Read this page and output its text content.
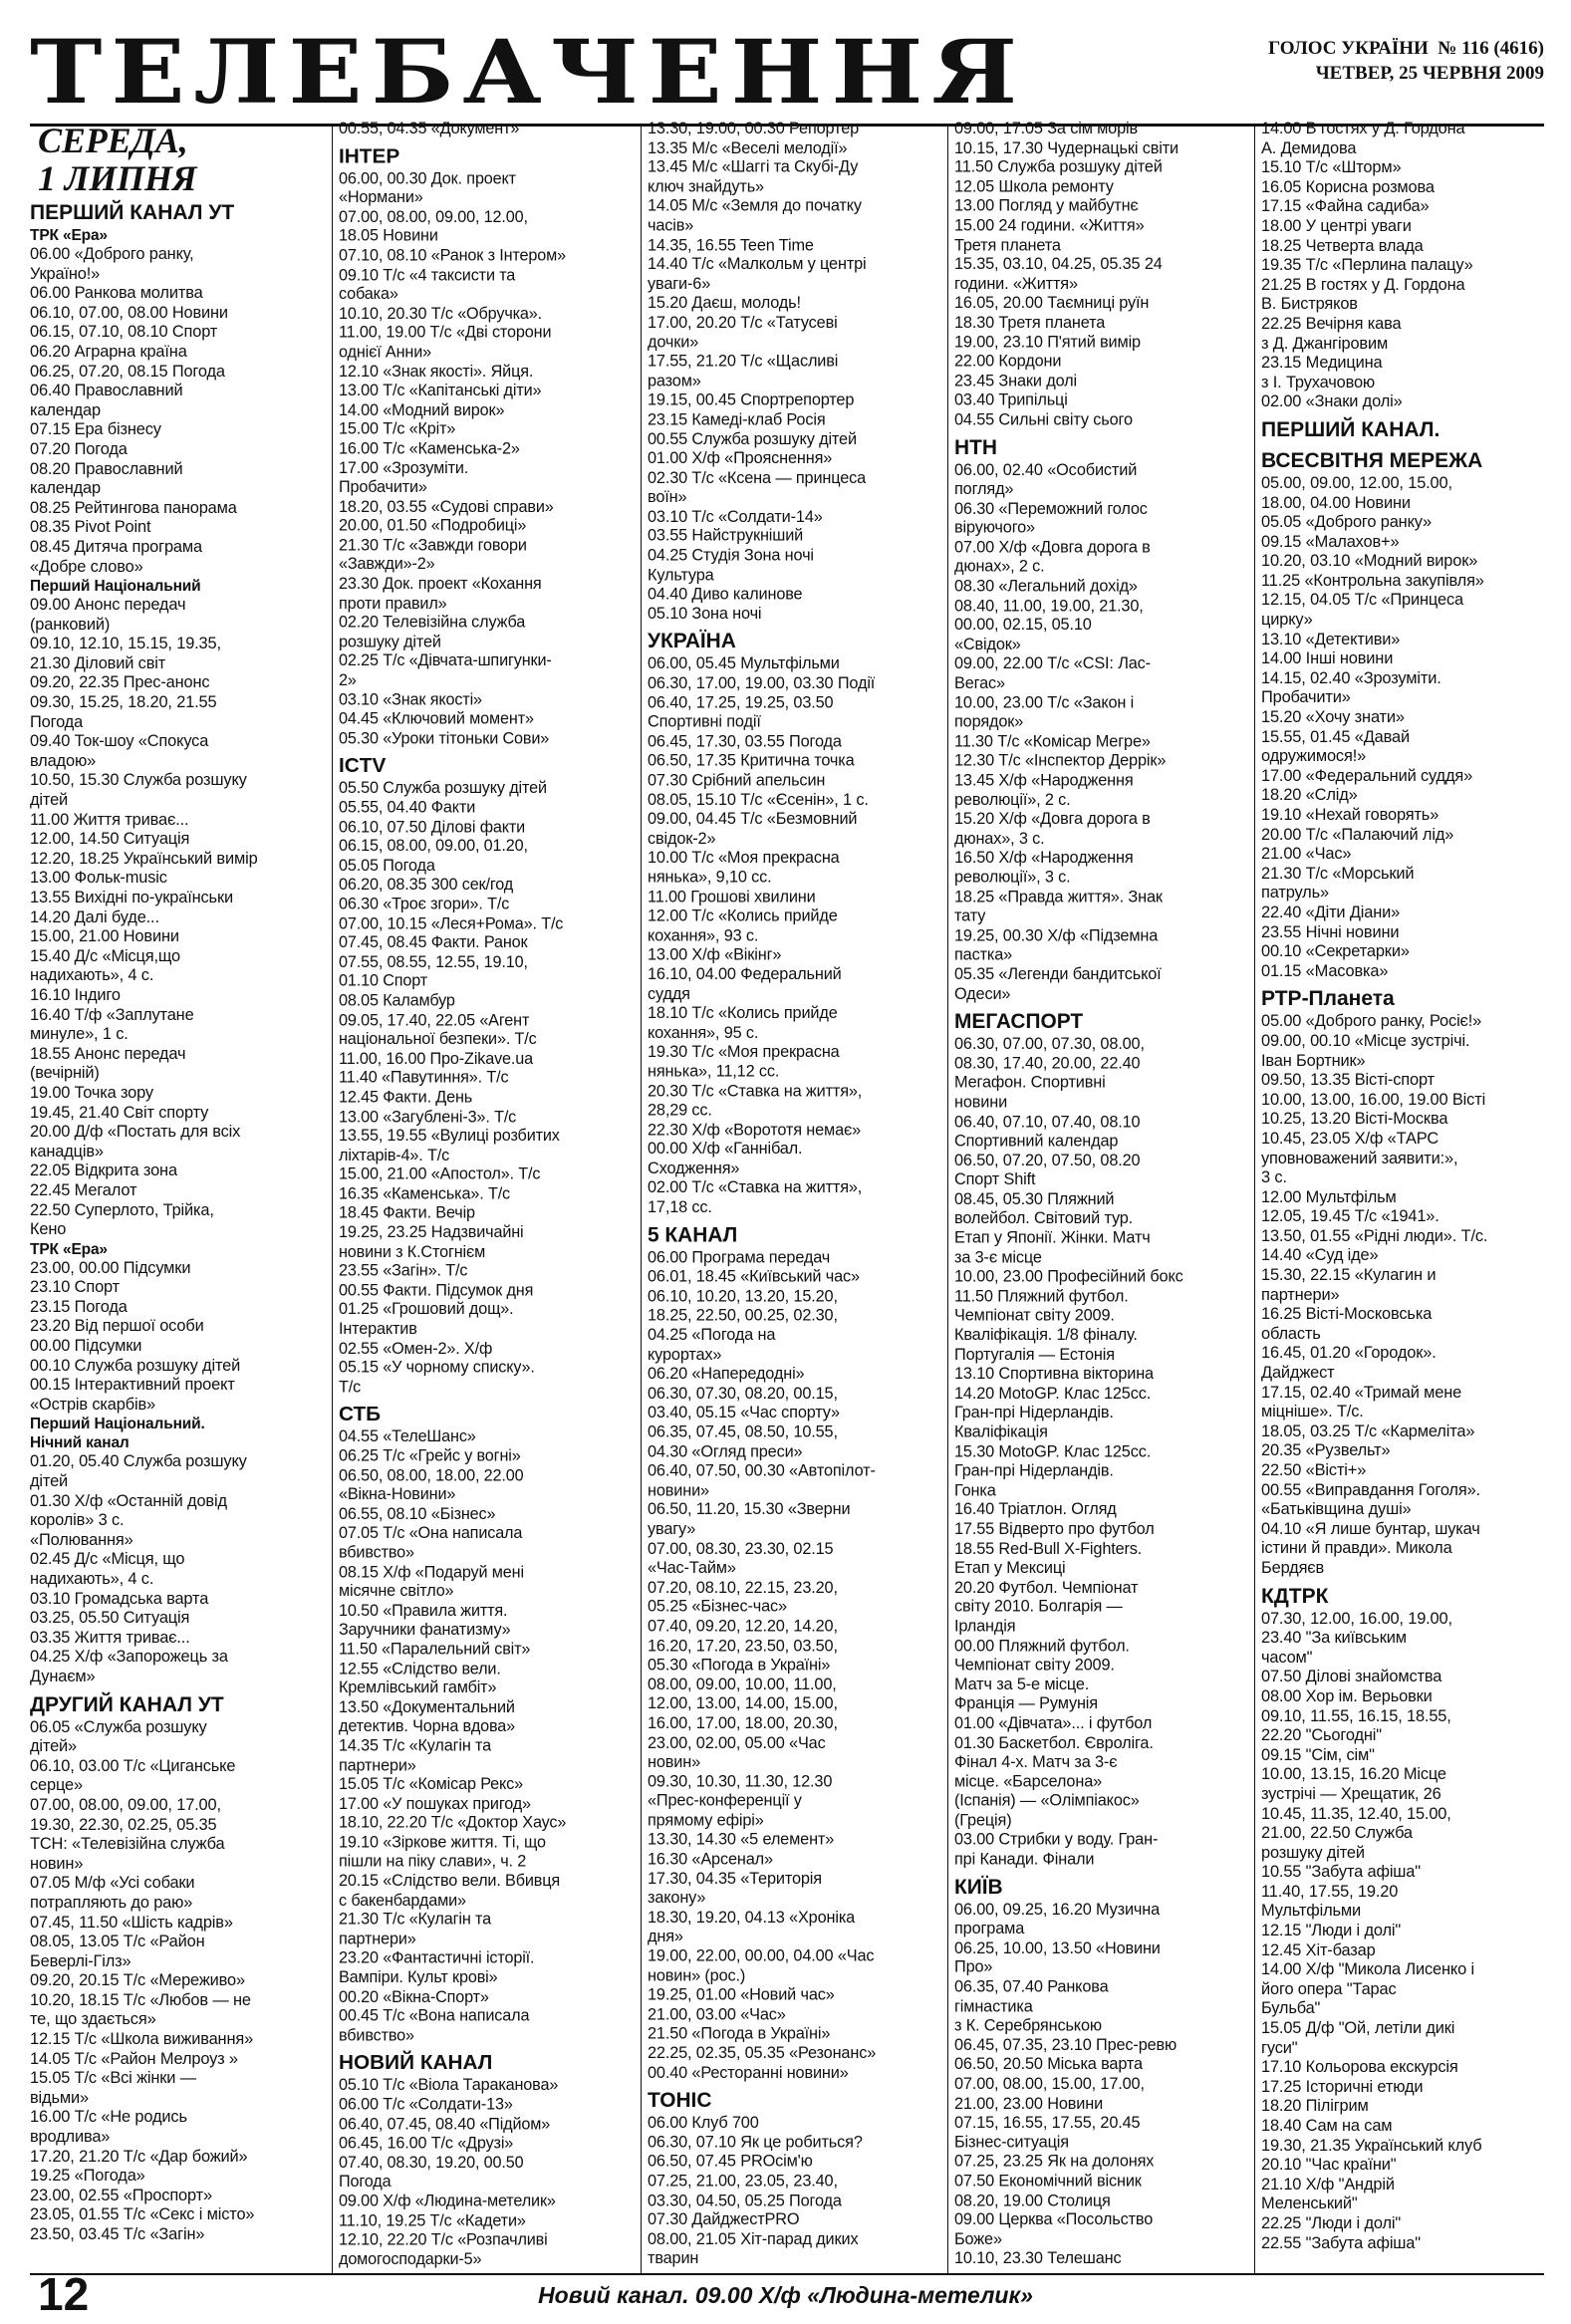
ТЕЛЕБАЧЕННЯ	ГОЛОС УКРАЇНИ № 116 (4616)
ЧЕТВЕР, 25 ЧЕРВНЯ 2009
СЕРЕДА,
1 ЛИПНЯ
ПЕРШИЙ КАНАЛ УТ
ТРК «Ера»
06.00 «Доброго ранку,
Україно!»
06.00 Ранкова молитва
06.10, 07.00, 08.00 Новини
06.15, 07.10, 08.10 Спорт
06.20 Аграрна країна
06.25, 07.20, 08.15 Погода
06.40 Православний
календар
07.15 Ера бізнесу
07.20 Погода
08.20 Православний
календар
08.25 Рейтингова панорама
08.35 Pivot Point
08.45 Дитяча програма
«Добре слово»
Перший Національний
09.00 Анонс передач
(ранковий)
09.10, 12.10, 15.15, 19.35,
21.30 Діловий світ
09.20, 22.35 Прес-анонс
09.30, 15.25, 18.20, 21.55
Погода
09.40 Ток-шоу «Спокуса
владою»
10.50, 15.30 Служба розшуку
дітей
11.00 Життя триває...
12.00, 14.50 Ситуація
12.20, 18.25 Український вимір
13.00 Фольк-music
13.55 Вихідні по-українськи
14.20 Далі буде...
15.00, 21.00 Новини
15.40 Д/с «Місця,що
надихають», 4 с.
16.10 Індиго
16.40 Т/ф «Заплутане
минуле», 1 с.
18.55 Анонс передач
(вечірній)
19.00 Точка зору
19.45, 21.40 Світ спорту
20.00 Д/ф «Постать для всіх
канадців»
22.05 Відкрита зона
22.45 Мегалот
22.50 Суперлото, Трійка,
Кено
ТРК «Ера»
23.00, 00.00 Підсумки
23.10 Спорт
23.15 Погода
23.20 Від першої особи
00.00 Підсумки
00.10 Служба розшуку дітей
00.15 Інтерактивний проект
«Острів скарбів»
Перший Національний.
Нічний канал
01.20, 05.40 Служба розшуку
дітей
01.30 Х/ф «Останній довід
королів» 3 с.
«Полювання»
02.45 Д/с «Місця, що
надихають», 4 с.
03.10 Громадська варта
03.25, 05.50 Ситуація
03.35 Життя триває...
04.25 Х/ф «Запорожець за
Дунаєм»
ДРУГИЙ КАНАЛ УТ
06.05 «Служба розшуку
дітей»
06.10, 03.00 Т/с «Циганське
серце»
07.00, 08.00, 09.00, 17.00,
19.30, 22.30, 02.25, 05.35
ТСН: «Телевізійна служба
новин»
07.05 М/ф «Усі собаки
потрапляють до раю»
07.45, 11.50 «Шість кадрів»
08.05, 13.05 Т/с «Район
Беверлі-Гілз»
09.20, 20.15 Т/с «Мереживо»
10.20, 18.15 Т/с «Любов — не
те, що здається»
12.15 Т/с «Школа виживання»
14.05 Т/с «Район Мелроуз »
15.05 Т/с «Всі жінки —
відьми»
16.00 Т/с «Не родись
вродлива»
17.20, 21.20 Т/с «Дар божий»
19.25 «Погода»
23.00, 02.55 «Проспорт»
23.05, 01.55 Т/с «Секс і місто»
23.50, 03.45 Т/с «Загін»
00.55, 04.35 «Документ»
ІНТЕР
06.00, 00.30 Док. проект
«Нормани»
07.00, 08.00, 09.00, 12.00,
18.05 Новини
07.10, 08.10 «Ранок з Інтером»
09.10 Т/с «4 таксисти та
собака»
10.10, 20.30 Т/с «Обручка».
11.00, 19.00 Т/с «Дві сторони
однієї Анни»
12.10 «Знак якості». Яйця.
13.00 Т/с «Капітанські діти»
14.00 «Модний вирок»
15.00 Т/с «Кріт»
16.00 Т/с «Каменська-2»
17.00 «Зрозуміти.
Пробачити»
18.20, 03.55 «Судові справи»
20.00, 01.50 «Подробиці»
21.30 Т/с «Завжди говори
«Завжди»-2»
23.30 Док. проект «Кохання
проти правил»
02.20 Телевізійна служба
розшуку дітей
02.25 Т/с «Дівчата-шпигунки-
2»
03.10 «Знак якості»
04.45 «Ключовий момент»
05.30 «Уроки тітоньки Сови»
ICTV
05.50 Служба розшуку дітей
05.55, 04.40 Факти
06.10, 07.50 Ділові факти
06.15, 08.00, 09.00, 01.20,
05.05 Погода
06.20, 08.35 300 сек/год
06.30 «Троє згори». Т/с
07.00, 10.15 «Леся+Рома». Т/с
07.45, 08.45 Факти. Ранок
07.55, 08.55, 12.55, 19.10,
01.10 Спорт
08.05 Каламбур
09.05, 17.40, 22.05 «Агент
національної безпеки». Т/с
11.00, 16.00 Про-Zikave.ua
11.40 «Павутиння». Т/с
12.45 Факти. День
13.00 «Загублені-3». Т/с
13.55, 19.55 «Вулиці розбитих
ліхтарів-4». Т/с
15.00, 21.00 «Апостол». Т/с
16.35 «Каменська». Т/с
18.45 Факти. Вечір
19.25, 23.25 Надзвичайні
новини з К.Стогнієм
23.55 «Загін». Т/с
00.55 Факти. Підсумок дня
01.25 «Грошовий дощ».
Інтерактив
02.55 «Омен-2». Х/ф
05.15 «У чорному списку».
Т/с
СТБ
04.55 «ТелеШанс»
06.25 Т/с «Грейс у вогні»
06.50, 08.00, 18.00, 22.00
«Вікна-Новини»
06.55, 08.10 «Бізнес»
07.05 Т/с «Она написала
вбивство»
08.15 Х/ф «Подаруй мені
місячне світло»
10.50 «Правила життя.
Заручники фанатизму»
11.50 «Паралельний світ»
12.55 «Слідство вели.
Кремлівський гамбіт»
13.50 «Документальний
детектив. Чорна вдова»
14.35 Т/с «Кулагін та
партнери»
15.05 Т/с «Комісар Рекс»
17.00 «У пошуках пригод»
18.10, 22.20 Т/с «Доктор Хаус»
19.10 «Зіркове життя. Ті, що
пішли на піку слави», ч. 2
20.15 «Слідство вели. Вбивця
с бакенбардами»
21.30 Т/с «Кулагін та
партнери»
23.20 «Фантастичні історії.
Вампіри. Культ крові»
00.20 «Вікна-Спорт»
00.45 Т/с «Вона написала
вбивство»
НОВИЙ КАНАЛ
05.10 Т/с «Віола Тараканова»
06.00 Т/с «Солдати-13»
06.40, 07.45, 08.40 «Підйом»
06.45, 16.00 Т/с «Друзі»
07.40, 08.30, 19.20, 00.50
Погода
09.00 Х/ф «Людина-метелик»
11.10, 19.25 Т/с «Кадети»
12.10, 22.20 Т/с «Розпачливі
домогосподарки-5»
13.30, 19.00, 00.30 Репортер
13.35 М/с «Веселі мелодії»
13.45 М/с «Шаггі та Скубі-Ду
ключ знайдуть»
14.05 М/с «Земля до початку
часів»
14.35, 16.55 Teen Time
14.40 Т/с «Малкольм у центрі
уваги-6»
15.20 Даєш, молодь!
17.00, 20.20 Т/с «Татусеві
дочки»
17.55, 21.20 Т/с «Щасливі
разом»
19.15, 00.45 Спортрепортер
23.15 Камеді-клаб Росія
00.55 Служба розшуку дітей
01.00 Х/ф «Прояснення»
02.30 Т/с «Ксена — принцеса
воїн»
03.10 Т/с «Солдати-14»
03.55 Найструкніший
04.25 Студія Зона ночі
Культура
04.40 Диво калинове
05.10 Зона ночі
УКРАЇНА
06.00, 05.45 Мультфільми
06.30, 17.00, 19.00, 03.30 Події
06.40, 17.25, 19.25, 03.50
Спортивні події
06.45, 17.30, 03.55 Погода
06.50, 17.35 Критична точка
07.30 Срібний апельсин
08.05, 15.10 Т/с «Єсенін», 1 с.
09.00, 04.45 Т/с «Безмовний
свідок-2»
10.00 Т/с «Моя прекрасна
нянька», 9,10 сс.
11.00 Грошові хвилини
12.00 Т/с «Колись прийде
кохання», 93 с.
13.00 Х/ф «Вікінг»
16.10, 04.00 Федеральний
суддя
18.10 Т/с «Колись прийде
кохання», 95 с.
19.30 Т/с «Моя прекрасна
нянька», 11,12 сс.
20.30 Т/с «Ставка на життя»,
28,29 сс.
22.30 Х/ф «Ворототя немає»
00.00 Х/ф «Ганнібал.
Сходження»
02.00 Т/с «Ставка на життя»,
17,18 сс.
5 КАНАЛ
06.00 Програма передач
06.01, 18.45 «Київський час»
06.10, 10.20, 13.20, 15.20,
18.25, 22.50, 00.25, 02.30,
04.25 «Погода на
курортах»
06.20 «Напередодні»
06.30, 07.30, 08.20, 00.15,
03.40, 05.15 «Час спорту»
06.35, 07.45, 08.50, 10.55,
04.30 «Огляд преси»
06.40, 07.50, 00.30 «Автопілот-
новини»
06.50, 11.20, 15.30 «Зверни
увагу»
07.00, 08.30, 23.30, 02.15
«Час-Тайм»
07.20, 08.10, 22.15, 23.20,
05.25 «Бізнес-час»
07.40, 09.20, 12.20, 14.20,
16.20, 17.20, 23.50, 03.50,
05.30 «Погода в Україні»
08.00, 09.00, 10.00, 11.00,
12.00, 13.00, 14.00, 15.00,
16.00, 17.00, 18.00, 20.30,
23.00, 02.00, 05.00 «Час
новин»
09.30, 10.30, 11.30, 12.30
«Прес-конференції у
прямому ефірі»
13.30, 14.30 «5 елемент»
16.30 «Арсенал»
17.30, 04.35 «Територія
закону»
18.30, 19.20, 04.13 «Хроніка
дня»
19.00, 22.00, 00.00, 04.00 «Час
новин» (рос.)
19.25, 01.00 «Новий час»
21.00, 03.00 «Час»
21.50 «Погода в Україні»
22.25, 02.35, 05.35 «Резонанс»
00.40 «Ресторанні новини»
ТОНІС
06.00 Клуб 700
06.30, 07.10 Як це робиться?
06.50, 07.45 PROсім'ю
07.25, 21.00, 23.05, 23.40,
03.30, 04.50, 05.25 Погода
07.30 ДайджестPRO
08.00, 21.05 Хіт-парад диких
тварин
09.00, 17.05 За сім морів
10.15, 17.30 Чудернацькі світи
11.50 Служба розшуку дітей
12.05 Школа ремонту
13.00 Погляд у майбутнє
15.00 24 години. «Життя»
Третя планета
15.35, 03.10, 04.25, 05.35 24
години. «Життя»
16.05, 20.00 Таємниці руїн
18.30 Третя планета
19.00, 23.10 П'ятий вимір
22.00 Кордони
23.45 Знаки долі
03.40 Трипільці
04.55 Сильні світу сього
НТН
06.00, 02.40 «Особистий
погляд»
06.30 «Переможний голос
віруючого»
07.00 Х/ф «Довга дорога в
дюнах», 2 с.
08.30 «Легальний дохід»
08.40, 11.00, 19.00, 21.30,
00.00, 02.15, 05.10
«Свідок»
09.00, 22.00 Т/с «CSI: Лас-
Вегас»
10.00, 23.00 Т/с «Закон і
порядок»
11.30 Т/с «Комісар Мегре»
12.30 Т/с «Інспектор Деррік»
13.45 Х/ф «Народження
революції», 2 с.
15.20 Х/ф «Довга дорога в
дюнах», 3 с.
16.50 Х/ф «Народження
революції», 3 с.
18.25 «Правда життя». Знак
тату
19.25, 00.30 Х/ф «Підземна
пастка»
05.35 «Легенди бандитської
Одеси»
МЕГАСПОРТ
06.30, 07.00, 07.30, 08.00,
08.30, 17.40, 20.00, 22.40
Мегафон. Спортивні
новини
06.40, 07.10, 07.40, 08.10
Спортивний календар
06.50, 07.20, 07.50, 08.20
Спорт Shift
08.45, 05.30 Пляжний
волейбол. Світовий тур.
Етап у Японії. Жінки. Матч
за 3-є місце
10.00, 23.00 Професійний бокс
11.50 Пляжний футбол.
Чемпіонат світу 2009.
Кваліфікація. 1/8 фіналу.
Португалія — Естонія
13.10 Спортивна вікторина
14.20 MotoGP. Клас 125сс.
Гран-прі Нідерландів.
Кваліфікація
15.30 MotoGP. Клас 125сс.
Гран-прі Нідерландів.
Гонка
16.40 Тріатлон. Огляд
17.55 Відверто про футбол
18.55 Red-Bull X-Fighters.
Етап у Мексиці
20.20 Футбол. Чемпіонат
світу 2010. Болгарія —
Ірландія
00.00 Пляжний футбол.
Чемпіонат світу 2009.
Матч за 5-е місце.
Франція — Румунія
01.00 «Дівчата»... і футбол
01.30 Баскетбол. Євроліга.
Фінал 4-х. Матч за 3-є
місце. «Барселона»
(Іспанія) — «Олімпіакос»
(Греція)
03.00 Стрибки у воду. Гран-
прі Канади. Фінали
КИЇВ
06.00, 09.25, 16.20 Музична
програма
06.25, 10.00, 13.50 «Новини
Про»
06.35, 07.40 Ранкова
гімнастика
з К. Серебрянською
06.45, 07.35, 23.10 Прес-ревю
06.50, 20.50 Міська варта
07.00, 08.00, 15.00, 17.00,
21.00, 23.00 Новини
07.15, 16.55, 17.55, 20.45
Бізнес-ситуація
07.25, 23.25 Як на долонях
07.50 Економічний вісник
08.20, 19.00 Столиця
09.00 Церква «Посольство
Боже»
10.10, 23.30 Телешанс
14.00 В гостях у Д. Гордона
А. Демидова
15.10 Т/с «Шторм»
16.05 Корисна розмова
17.15 «Файна садиба»
18.00 У центрі уваги
18.25 Четверта влада
19.35 Т/с «Перлина палацу»
21.25 В гостях у Д. Гордона
В. Бистряков
22.25 Вечірня кава
з Д. Джангіровим
23.15 Медицина
з І. Трухачовою
02.00 «Знаки долі»
ПЕРШИЙ КАНАЛ.
ВСЕСВІТНЯ МЕРЕЖА
05.00, 09.00, 12.00, 15.00,
18.00, 04.00 Новини
05.05 «Доброго ранку»
09.15 «Малахов+»
10.20, 03.10 «Модний вирок»
11.25 «Контрольна закупівля»
12.15, 04.05 Т/с «Принцеса
цирку»
13.10 «Детективи»
14.00 Інші новини
14.15, 02.40 «Зрозуміти.
Пробачити»
15.20 «Хочу знати»
15.55, 01.45 «Давай
одружимося!»
17.00 «Федеральний суддя»
18.20 «Слід»
19.10 «Нехай говорять»
20.00 Т/с «Палаючий лід»
21.00 «Час»
21.30 Т/с «Морський
патруль»
22.40 «Діти Діани»
23.55 Нічні новини
00.10 «Секретарки»
01.15 «Масовка»
РТР-Планета
05.00 «Доброго ранку, Росіє!»
09.00, 00.10 «Місце зустрічі.
Іван Бортник»
09.50, 13.35 Вісті-спорт
10.00, 13.00, 16.00, 19.00 Вісті
10.25, 13.20 Вісті-Москва
10.45, 23.05 Х/ф «ТАРС
уповноважений заявити:»,
3 с.
12.00 Мультфільм
12.05, 19.45 Т/с «1941».
13.50, 01.55 «Рідні люди». Т/с.
14.40 «Суд іде»
15.30, 22.15 «Кулагин и
партнери»
16.25 Вісті-Московська
область
16.45, 01.20 «Городок».
Дайджест
17.15, 02.40 «Тримай мене
міцніше». Т/с.
18.05, 03.25 Т/с «Кармеліта»
20.35 «Рузвельт»
22.50 «Вісті+»
00.55 «Виправдання Гоголя».
«Батьківщина душі»
04.10 «Я лише бунтар, шукач
істини й правди». Микола
Бердяєв
КДТРК
07.30, 12.00, 16.00, 19.00,
23.40 "За київським
часом"
07.50 Ділові знайомства
08.00 Хор ім. Верьовки
09.10, 11.55, 16.15, 18.55,
22.20 "Сьогодні"
09.15 "Сім, сім"
10.00, 13.15, 16.20 Місце
зустрічі — Хрещатик, 26
10.45, 11.35, 12.40, 15.00,
21.00, 22.50 Служба
розшуку дітей
10.55 "Забута афіша"
11.40, 17.55, 19.20
Мультфільми
12.15 "Люди і долі"
12.45 Хіт-базар
14.00 Х/ф "Микола Лисенко і
його опера "Тарас
Бульба"
15.05 Д/ф "Ой, летіли дикі
гуси"
17.10 Кольорова екскурсія
17.25 Історичні етюди
18.20 Пілігрим
18.40 Сам на сам
19.30, 21.35 Український клуб
20.10 "Час країни"
21.10 Х/ф "Андрій
Меленський"
22.25 "Люди і долі"
22.55 "Забута афіша"
12	Новий канал. 09.00 Х/ф «Людина-метелик»
